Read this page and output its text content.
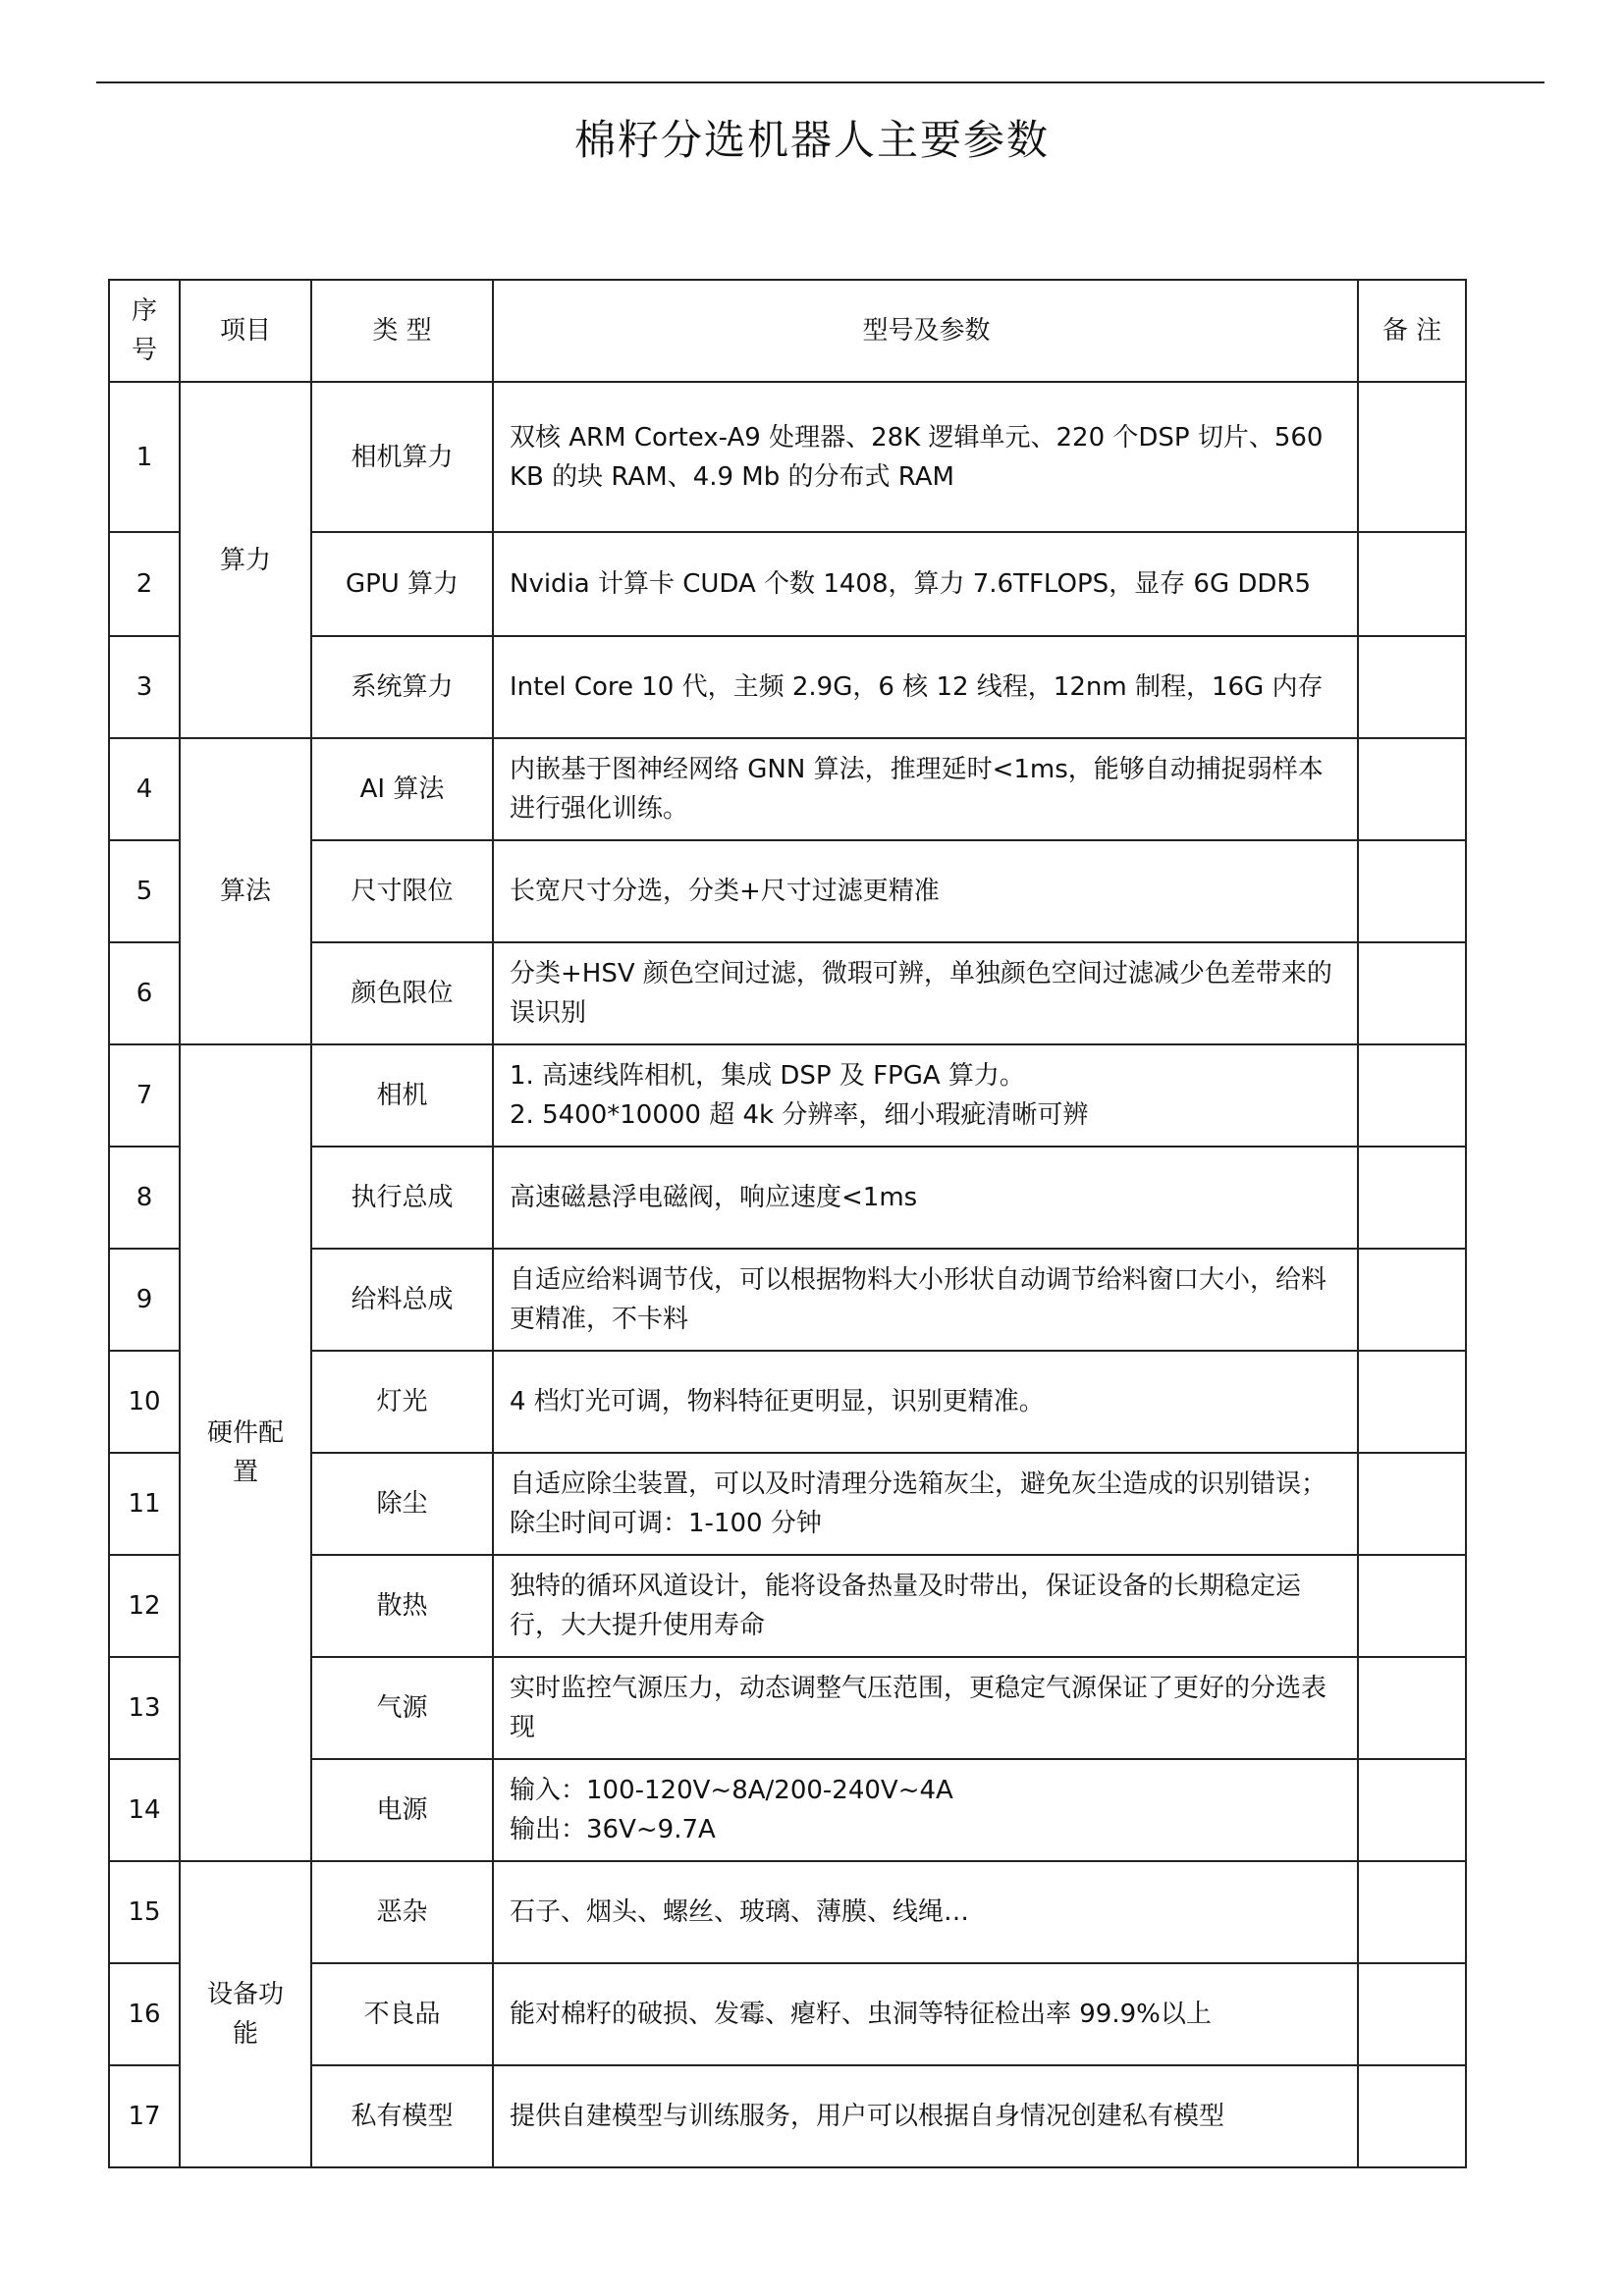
棉籽分选机器人主要参数
序
号	项目	类 型	型号及参数	备 注
1	算力	相机算力	双核 ARM Cortex-A9 处理器、28K 逻辑单元、220 个DSP 切片、560 KB 的块 RAM、4.9 Mb 的分布式 RAM	

2		GPU 算力	Nvidia 计算卡 CUDA 个数 1408，算力 7.6TFLOPS，显存 6G DDR5	

3		系统算力	Intel Core 10 代，主频 2.9G，6 核 12 线程，12nm 制程，16G 内存	

4	算法	AI 算法	内嵌基于图神经网络 GNN 算法，推理延时<1ms，能够自动捕捉弱样本进行强化训练。	

5		尺寸限位	长宽尺寸分选，分类+尺寸过滤更精准	

6		颜色限位	分类+HSV 颜色空间过滤，微瑕可辨，单独颜色空间过滤减少色差带来的误识别	

7	硬件配置	相机	1. 高速线阵相机，集成 DSP 及 FPGA 算力。
2. 5400*10000 超 4k 分辨率，细小瑕疵清晰可辨	

8		执行总成	高速磁悬浮电磁阀，响应速度<1ms	

9		给料总成	自适应给料调节伐，可以根据物料大小形状自动调节给料窗口大小，给料更精准，不卡料	

10		灯光	4 档灯光可调，物料特征更明显，识别更精准。	

11		除尘	自适应除尘装置，可以及时清理分选箱灰尘，避免灰尘造成的识别错误；除尘时间可调：1-100 分钟	

12		散热	独特的循环风道设计，能将设备热量及时带出，保证设备的长期稳定运行，大大提升使用寿命	

13		气源	实时监控气源压力，动态调整气压范围，更稳定气源保证了更好的分选表现	

14		电源	输入：100-120V~8A/200-240V~4A
输出：36V~9.7A	

15	设备功能	恶杂	石子、烟头、螺丝、玻璃、薄膜、线绳…	

16		不良品	能对棉籽的破损、发霉、瘪籽、虫洞等特征检出率 99.9%以上	

17		私有模型	提供自建模型与训练服务，用户可以根据自身情况创建私有模型	
